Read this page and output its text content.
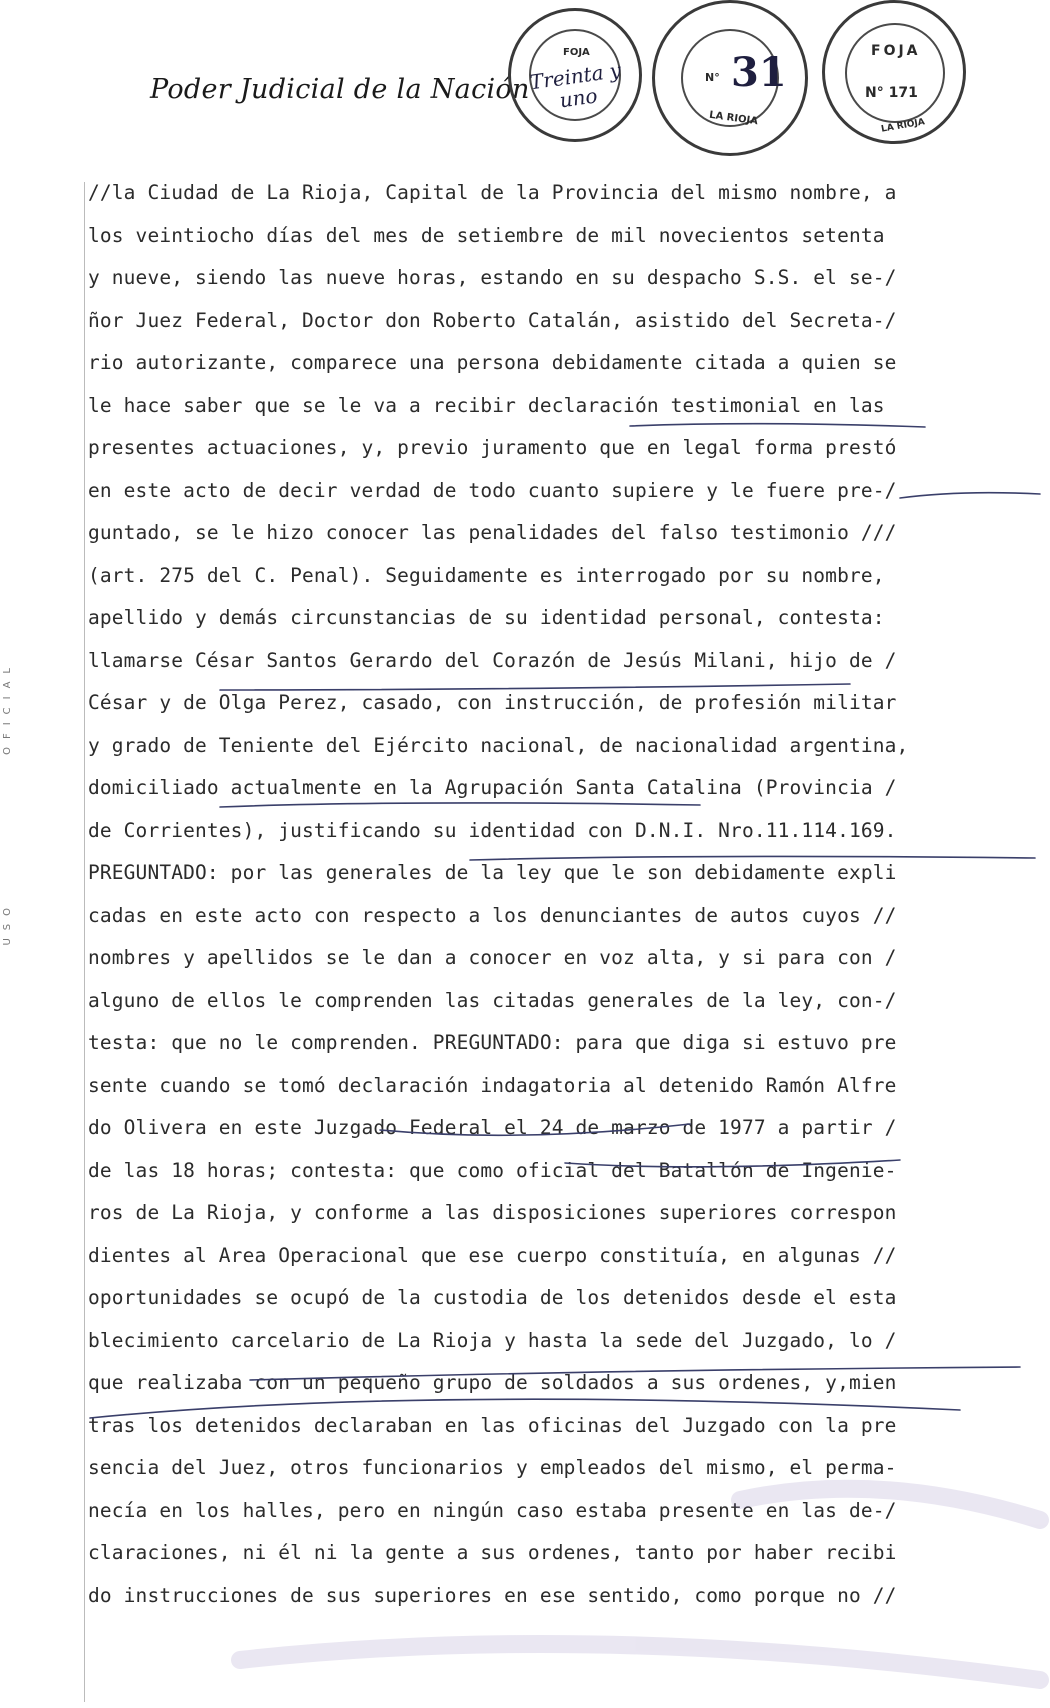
Poder Judicial de la Nación
FOJA
Treinta y uno
N° 31
LA RIOJA
FOJA
N° 171
LA RIOJA
OFICIAL
USO
//la Ciudad de La Rioja, Capital de la Provincia del mismo nombre, a
los veintiocho días del mes de setiembre de mil novecientos setenta
y nueve, siendo las nueve horas, estando en su despacho S.S. el se-/
ñor Juez Federal, Doctor don Roberto Catalán, asistido del Secreta-/
rio autorizante, comparece una persona debidamente citada a quien se
le hace saber que se le va a recibir declaración testimonial en las
presentes actuaciones, y, previo juramento que en legal forma prestó
en este acto de decir verdad de todo cuanto supiere y le fuere pre-/
guntado, se le hizo conocer las penalidades del falso testimonio ///
(art. 275 del C. Penal). Seguidamente es interrogado por su nombre,
apellido y demás circunstancias de su identidad personal, contesta:
llamarse César Santos Gerardo del Corazón de Jesús Milani, hijo de /
César y de Olga Perez, casado, con instrucción, de profesión militar
y grado de Teniente del Ejército nacional, de nacionalidad argentina,
domiciliado actualmente en la Agrupación Santa Catalina (Provincia /
de Corrientes), justificando su identidad con D.N.I. Nro.11.114.169.
PREGUNTADO: por las generales de la ley que le son debidamente expli
cadas en este acto con respecto a los denunciantes de autos cuyos //
nombres y apellidos se le dan a conocer en voz alta, y si para con /
alguno de ellos le comprenden las citadas generales de la ley, con-/
testa: que no le comprenden. PREGUNTADO: para que diga si estuvo pre
sente cuando se tomó declaración indagatoria al detenido Ramón Alfre
do Olivera en este Juzgado Federal el 24 de marzo de 1977 a partir /
de las 18 horas; contesta: que como oficial del Batallón de Ingenie-
ros de La Rioja, y conforme a las disposiciones superiores correspon
dientes al Area Operacional que ese cuerpo constituía, en algunas //
oportunidades se ocupó de la custodia de los detenidos desde el esta
blecimiento carcelario de La Rioja y hasta la sede del Juzgado, lo /
que realizaba con un pequeño grupo de soldados a sus ordenes, y,mien
tras los detenidos declaraban en las oficinas del Juzgado con la pre
sencia del Juez, otros funcionarios y empleados del mismo, el perma-
necía en los halles, pero en ningún caso estaba presente en las de-/
claraciones, ni él ni la gente a sus ordenes, tanto por haber recibi
do instrucciones de sus superiores en ese sentido, como porque no //
